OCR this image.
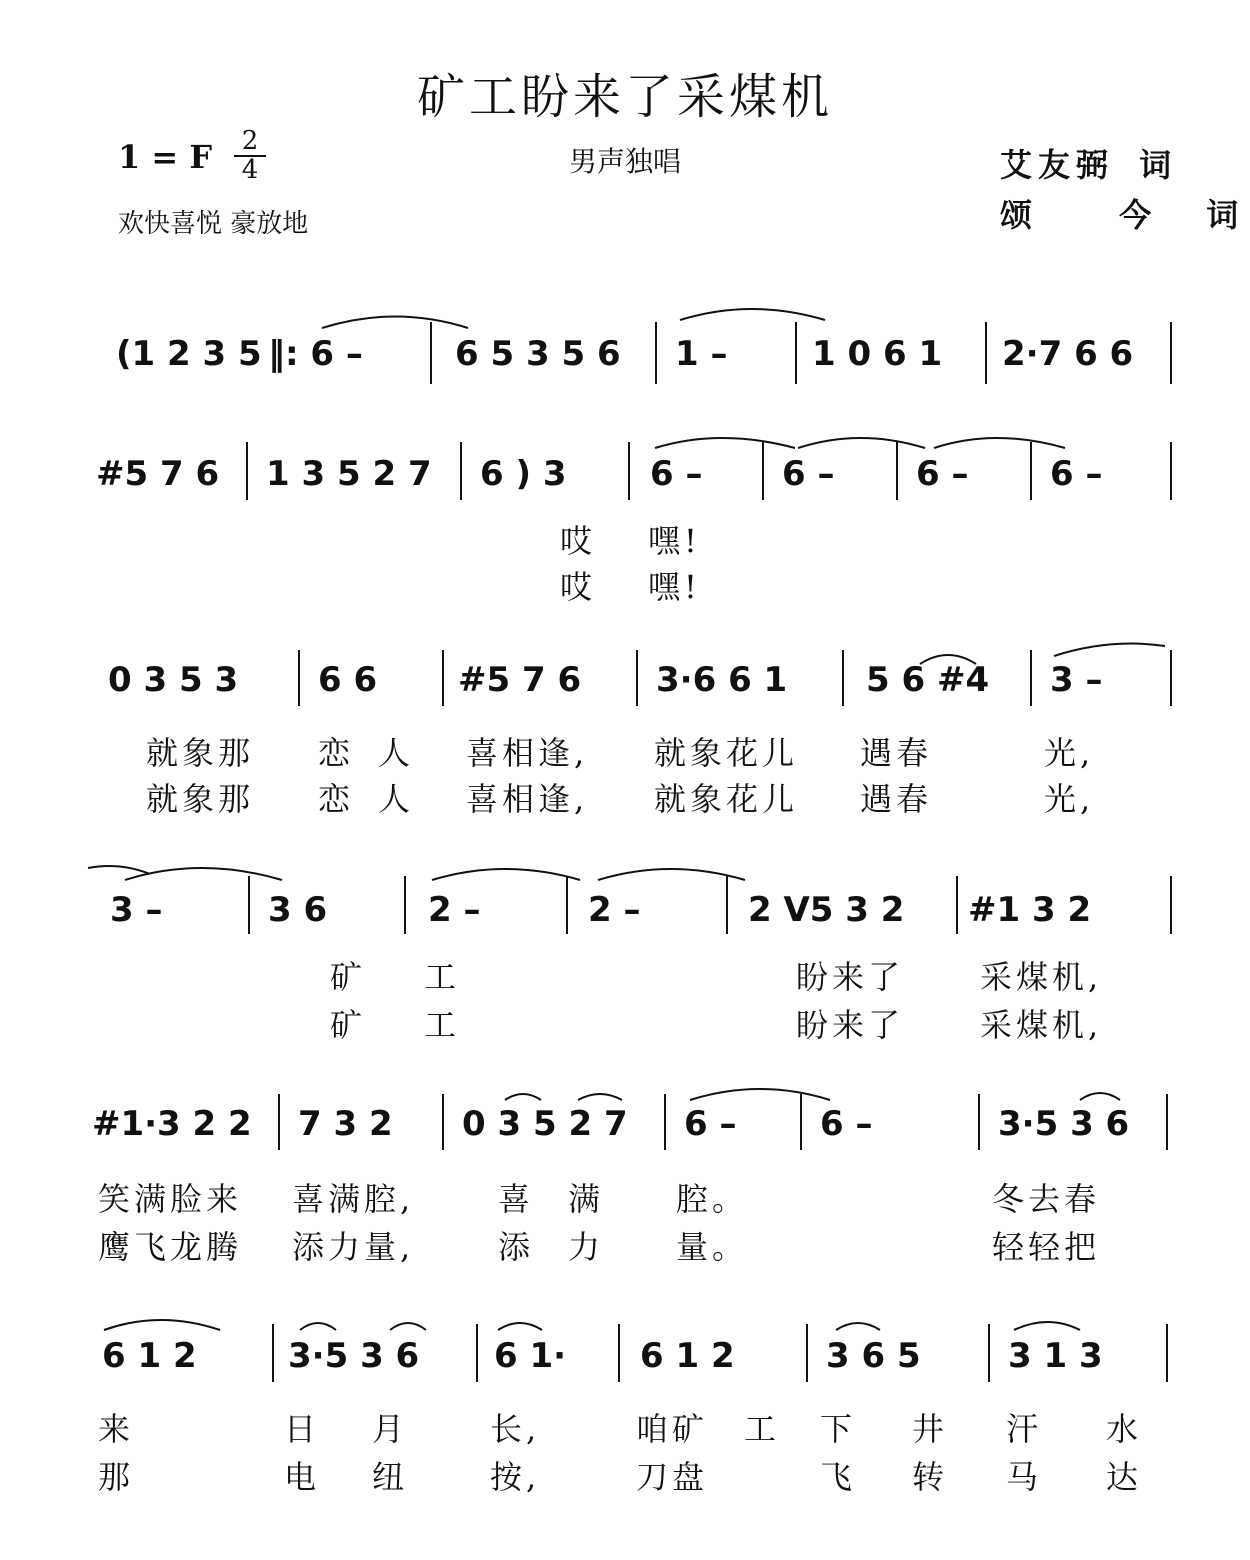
矿工盼来了采煤机
1 = F	2
4	男声独唱
欢快喜悦 豪放地
艾友弼 词
颂 今 词
(1 2 3 5 ‖: 6 –	6 5 3 5 6 1 – 1 0 6 1 2·7 6 6
#5 7 6 1 3 5 2 7 6 ) 3 6 – 6 – 6 – 6 –
哎 嘿!
哎 嘿!
0 3 5 3 6 6 #5 7 6 3·6 6 1 5 6 #4 3 –
就象那 恋 人 喜相逢, 就象花儿 遇春	光,
就象那 恋 人 喜相逢, 就象花儿 遇春	光,
3 –	3 6	2 –	2 –	2 V5 3 2 #1 3 2
矿 工	盼来了 采煤机,
矿 工	盼来了 采煤机,
#1·3 2 2 7 3 2 0 3 5 2 7 6 – 6 –	3·5 3 6
笑满脸来 喜满腔,	喜 满 腔。	冬去春
鹰飞龙腾 添力量,	添 力 量。	轻轻把
6 1 2	3·5 3 6 6 1· 6 1 2	3 6 5	3 1 3
来	日 月	长,	咱矿 工 下 井 汗 水
那	电 纽	按,	刀盘	飞 转 马 达
